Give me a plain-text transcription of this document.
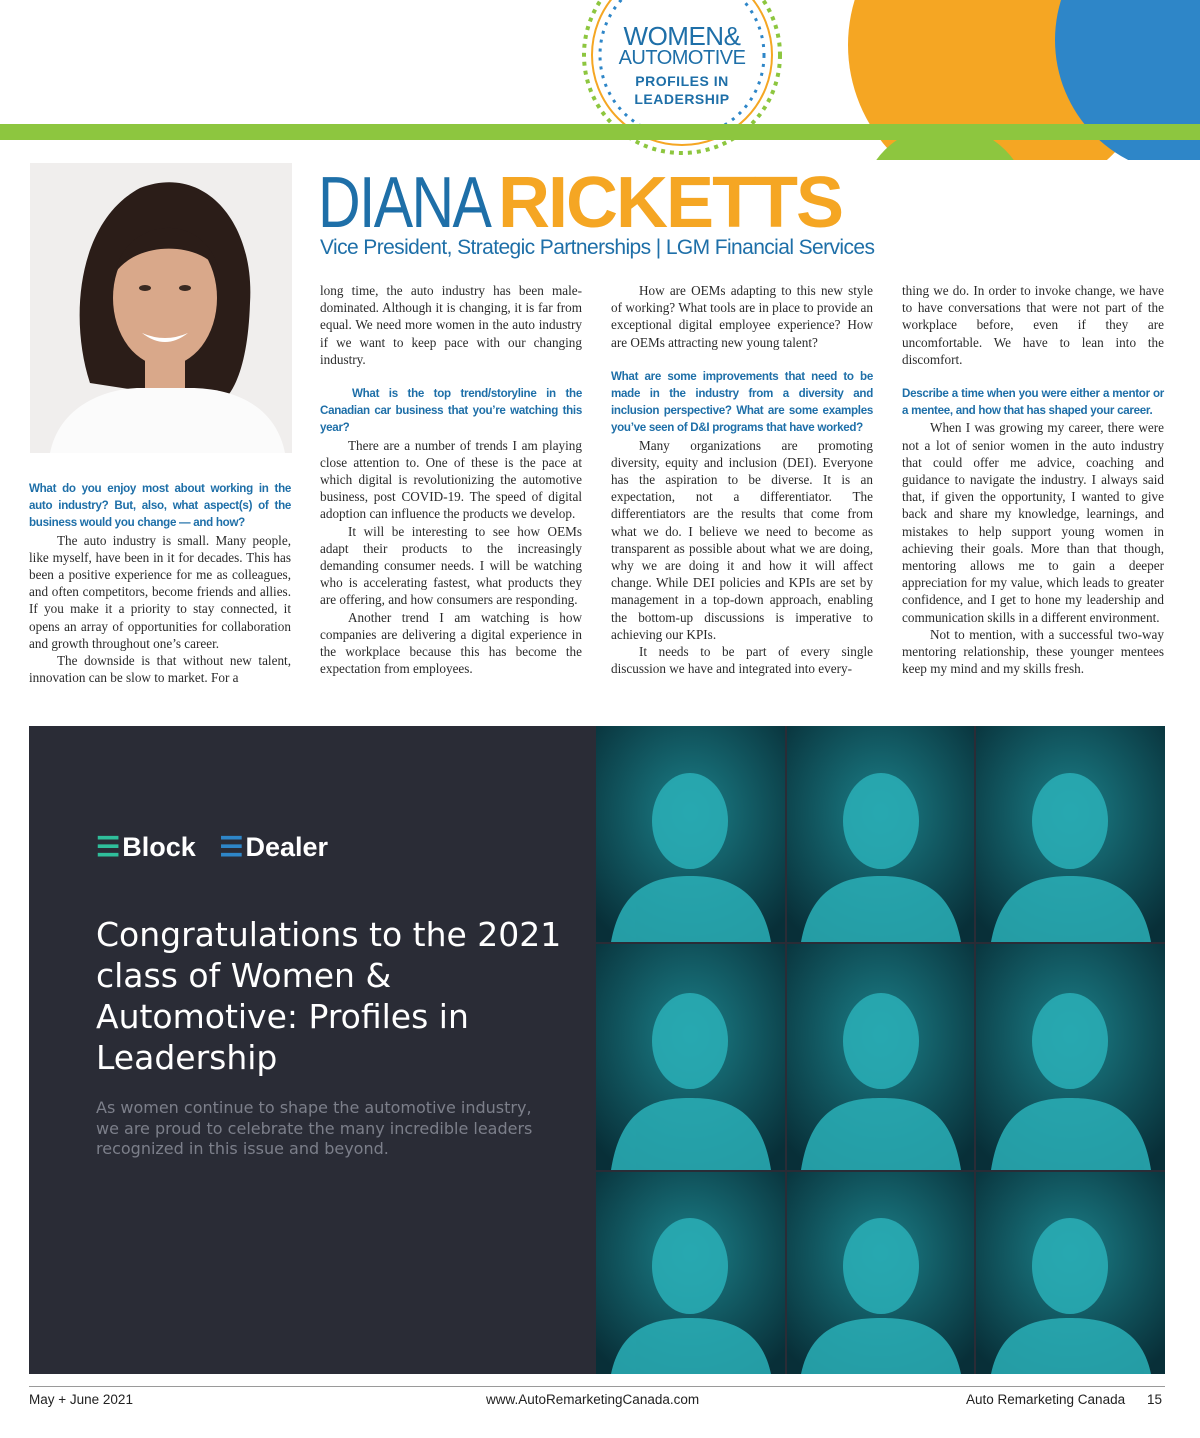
WOMEN&
AUTOMOTIVE
PROFILES IN
LEADERSHIP
DIANA RICKETTS
Vice President, Strategic Partnerships | LGM Financial Services

What do you enjoy most about working in the auto industry? But, also, what aspect(s) of the business would you change — and how?

The auto industry is small. Many people, like myself, have been in it for decades. This has been a positive experience for me as colleagues, and often competitors, become friends and allies. If you make it a priority to stay connected, it opens an array of opportunities for collaboration and growth throughout one’s career.

The downside is that without new talent, innovation can be slow to market. For a

long time, the auto industry has been male-dominated. Although it is changing, it is far from equal. We need more women in the auto industry if we want to keep pace with our changing industry.

What is the top trend/storyline in the Canadian car business that you’re watching this year?

There are a number of trends I am playing close attention to. One of these is the pace at which digital is revolutionizing the automotive business, post COVID-19. The speed of digital adoption can influence the products we develop.

It will be interesting to see how OEMs adapt their products to the increasingly demanding consumer needs. I will be watching who is accelerating fastest, what products they are offering, and how consumers are responding.

Another trend I am watching is how companies are delivering a digital experience in the workplace because this has become the expectation from employees.

How are OEMs adapting to this new style of working? What tools are in place to provide an exceptional digital employee experience? How are OEMs attracting new young talent?

What are some improvements that need to be made in the industry from a diversity and inclusion perspective? What are some examples you’ve seen of D&I programs that have worked?

Many organizations are promoting diversity, equity and inclusion (DEI). Everyone has the aspiration to be diverse. It is an expectation, not a differentiator. The differentiators are the results that come from what we do. I believe we need to become as transparent as possible about what we are doing, why we are doing it and how it will affect change. While DEI policies and KPIs are set by management in a top-down approach, enabling the bottom-up discussions is imperative to achieving our KPIs.

It needs to be part of every single discussion we have and integrated into every-

thing we do. In order to invoke change, we have to have conversations that were not part of the workplace before, even if they are uncomfortable. We have to lean into the discomfort.

Describe a time when you were either a mentor or a mentee, and how that has shaped your career.

When I was growing my career, there were not a lot of senior women in the auto industry that could offer me advice, coaching and guidance to navigate the industry. I always said that, if given the opportunity, I wanted to give back and share my knowledge, learnings, and mistakes to help support young women in achieving their goals. More than that though, mentoring allows me to gain a deeper appreciation for my value, which leads to greater confidence, and I get to hone my leadership and communication skills in a different environment.

Not to mention, with a successful two-way mentoring relationship, these younger mentees keep my mind and my skills fresh.

☰Block ☰Dealer
Congratulations to the 2021 class of Women & Automotive: Profiles in Leadership
As women continue to shape the automotive industry, we are proud to celebrate the many incredible leaders recognized in this issue and beyond.
May + June 2021	www.AutoRemarketingCanada.com	Auto Remarketing Canada 15
